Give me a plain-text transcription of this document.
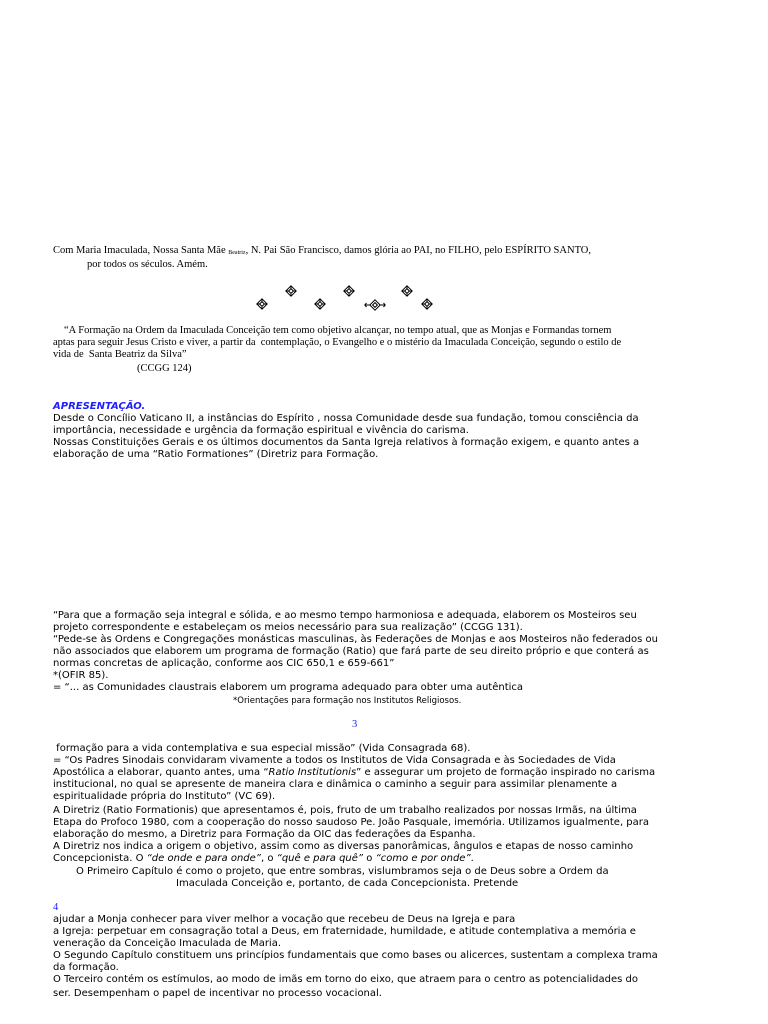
Com Maria Imaculada, Nossa Santa Mãe Beatriz, N. Pai São Francisco, damos glória ao PAI, no FILHO, pelo ESPÍRITO SANTO,
por todos os séculos. Amém.
“A Formação na Ordem da Imaculada Conceição tem como objetivo alcançar, no tempo atual, que as Monjas e Formandas tornem
aptas para seguir Jesus Cristo e viver, a partir da  contemplação, o Evangelho e o mistério da Imaculada Conceição, segundo o estilo de
vida de  Santa Beatriz da Silva”
(CCGG 124)
APRESENTAÇÃO.
Desde o Concílio Vaticano II, a instâncias do Espírito , nossa Comunidade desde sua fundação, tomou consciência da
importância, necessidade e urgência da formação espiritual e vivência do carisma.
Nossas Constituições Gerais e os últimos documentos da Santa Igreja relativos à formação exigem, e quanto antes a
elaboração de uma “Ratio Formationes” (Diretriz para Formação.
“Para que a formação seja integral e sólida, e ao mesmo tempo harmoniosa e adequada, elaborem os Mosteiros seu
projeto correspondente e estabeleçam os meios necessário para sua realização” (CCGG 131).
“Pede-se às Ordens e Congregações monásticas masculinas, às Federações de Monjas e aos Mosteiros não federados ou
não associados que elaborem um programa de formação (Ratio) que fará parte de seu direito próprio e que conterá as
normas concretas de aplicação, conforme aos CIC 650,1 e 659-661”
*(OFIR 85).
= “... as Comunidades claustrais elaborem um programa adequado para obter uma autêntica
*Orientações para formação nos Institutos Religiosos.
3
formação para a vida contemplativa e sua especial missão” (Vida Consagrada 68).
= “Os Padres Sinodais convidaram vivamente a todos os Institutos de Vida Consagrada e às Sociedades de Vida
Apostólica a elaborar, quanto antes, uma “Ratio Institutionis” e assegurar um projeto de formação inspirado no carisma
institucional, no qual se apresente de maneira clara e dinâmica o caminho a seguir para assimilar plenamente a
espiritualidade própria do Instituto” (VC 69).
A Diretriz (Ratio Formationis) que apresentamos é, pois, fruto de um trabalho realizados por nossas Irmãs, na última
Etapa do Profoco 1980, com a cooperação do nosso saudoso Pe. João Pasquale, imemória. Utilizamos igualmente, para
elaboração do mesmo, a Diretriz para Formação da OIC das federações da Espanha.
A Diretriz nos indica a origem o objetivo, assim como as diversas panorâmicas, ângulos e etapas de nosso caminho
Concepcionista. O “de onde e para onde”, o “quê e para quê” o “como e por onde”.
O Primeiro Capítulo é como o projeto, que entre sombras, vislumbramos seja o de Deus sobre a Ordem da
Imaculada Conceição e, portanto, de cada Concepcionista. Pretende
4
ajudar a Monja conhecer para viver melhor a vocação que recebeu de Deus na Igreja e para
a Igreja: perpetuar em consagração total a Deus, em fraternidade, humildade, e atitude contemplativa a memória e
veneração da Conceição Imaculada de Maria.
O Segundo Capítulo constituem uns princípios fundamentais que como bases ou alicerces, sustentam a complexa trama
da formação.
O Terceiro contém os estímulos, ao modo de imãs em torno do eixo, que atraem para o centro as potencialidades do
ser. Desempenham o papel de incentivar no processo vocacional.
